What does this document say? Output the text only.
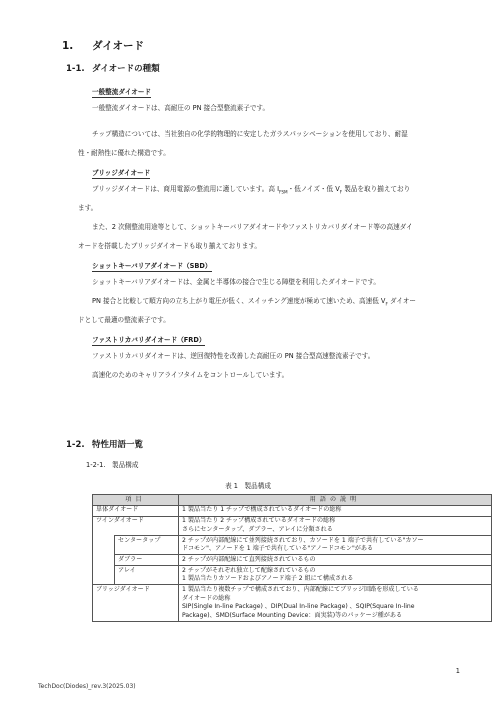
1. ダイオード
1-1. ダイオードの種類
一般整流ダイオード
一般整流ダイオードは、高耐圧の PN 接合型整流素子です。
チップ構造については、当社独自の化学的物理的に安定したガラスパッシベーションを使用しており、耐湿
性・耐熱性に優れた構造です。
ブリッジダイオード
ブリッジダイオードは、商用電源の整流用に適しています。高 $I_{FSM}$・低ノイズ・低 $V_F$ 製品を取り揃えており
ます。
また、2 次側整流用途等として、ショットキーバリアダイオードやファストリカバリダイオード等の高速ダイ
オードを搭載したブリッジダイオードも取り揃えております。
ショットキーバリアダイオード（SBD）
ショットキーバリアダイオードは、金属と半導体の接合で生じる障壁を利用したダイオードです。
PN 接合と比較して順方向の立ち上がり電圧が低く、スイッチング速度が極めて速いため、高速低 $V_F$ ダイオー
ドとして最適の整流素子です。
ファストリカバリダイオード（FRD）
ファストリカバリダイオードは、逆回復特性を改善した高耐圧の PN 接合型高速整流素子です。
高速化のためのキャリアライフタイムをコントロールしています。
1-2. 特性用語一覧
1-2-1.　製品構成
表 1　製品構成
項目		用語の説明
単体ダイオード		1 製品当たり 1 チップで構成されているダイオードの総称
ツインダイオード		1 製品当たり 2 チップ構成されているダイオードの総称
さらにセンタータップ、ダブラー、アレイに分類される

	センタータップ	2 チップが内部配線にて並列接続されており、カソードを 1 端子で共有している"カソー
ドコモン"、アノードを 1 端子で共有している"アノードコモン"がある

	ダブラー	2 チップが内部配線にて直列接続されているもの
	アレイ	2 チップがそれぞれ独立して配線されているもの
1 製品当たりカソードおよびアノード端子 2 組にて構成される

ブリッジダイオード		1 製品当たり複数チップで構成されており、内部配線にてブリッジ回路を形成している
ダイオードの総称
SIP(Single In-line Package) 、DIP(Dual In-line Package) 、SQIP(Square In-line
Package)、SMD(Surface Mounting Device：面実装)等のパッケージ種がある
1
TechDoc(Diodes)_rev.3(2025.03)
